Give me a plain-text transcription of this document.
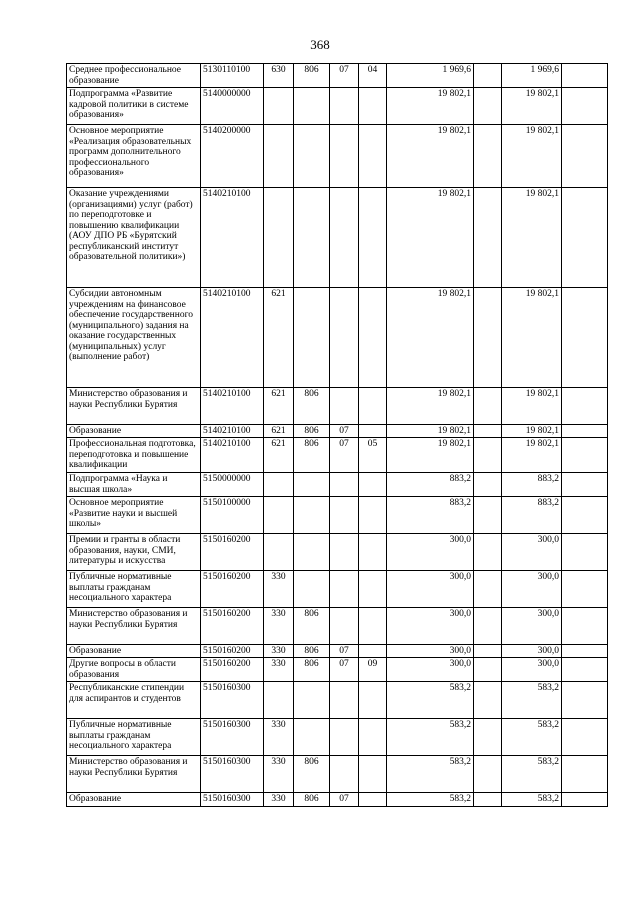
368
Среднее профессиональное образование	5130110100	630	806	07	04	1 969,6		1 969,6	
Подпрограмма «Развитие кадровой политики в системе образования»	5140000000					19 802,1		19 802,1	
Основное мероприятие «Реализация образовательных программ дополнительного профессионального образования»	5140200000					19 802,1		19 802,1	
Оказание учреждениями (организациями) услуг (работ) по переподготовке и повышению квалификации (АОУ ДПО РБ «Бурятский республиканский институт образовательной политики»)	5140210100					19 802,1		19 802,1	
Субсидии автономным учреждениям на финансовое обеспечение государственного (муниципального) задания на оказание государственных (муниципальных) услуг (выполнение работ)	5140210100	621				19 802,1		19 802,1	
Министерство образования и науки Республики Бурятия	5140210100	621	806			19 802,1		19 802,1	
Образование	5140210100	621	806	07		19 802,1		19 802,1	
Профессиональная подготовка, переподготовка и повышение квалификации	5140210100	621	806	07	05	19 802,1		19 802,1	
Подпрограмма «Наука и высшая школа»	5150000000					883,2		883,2	
Основное мероприятие «Развитие науки и высшей школы»	5150100000					883,2		883,2	
Премии и гранты в области образования, науки, СМИ, литературы и искусства	5150160200					300,0		300,0	
Публичные нормативные выплаты гражданам несоциального характера	5150160200	330				300,0		300,0	
Министерство образования и науки Республики Бурятия	5150160200	330	806			300,0		300,0	
Образование	5150160200	330	806	07		300,0		300,0	
Другие вопросы в области образования	5150160200	330	806	07	09	300,0		300,0	
Республиканские стипендии для аспирантов и студентов	5150160300					583,2		583,2	
Публичные нормативные выплаты гражданам несоциального характера	5150160300	330				583,2		583,2	
Министерство образования и науки Республики Бурятия	5150160300	330	806			583,2		583,2	
Образование	5150160300	330	806	07		583,2		583,2	
